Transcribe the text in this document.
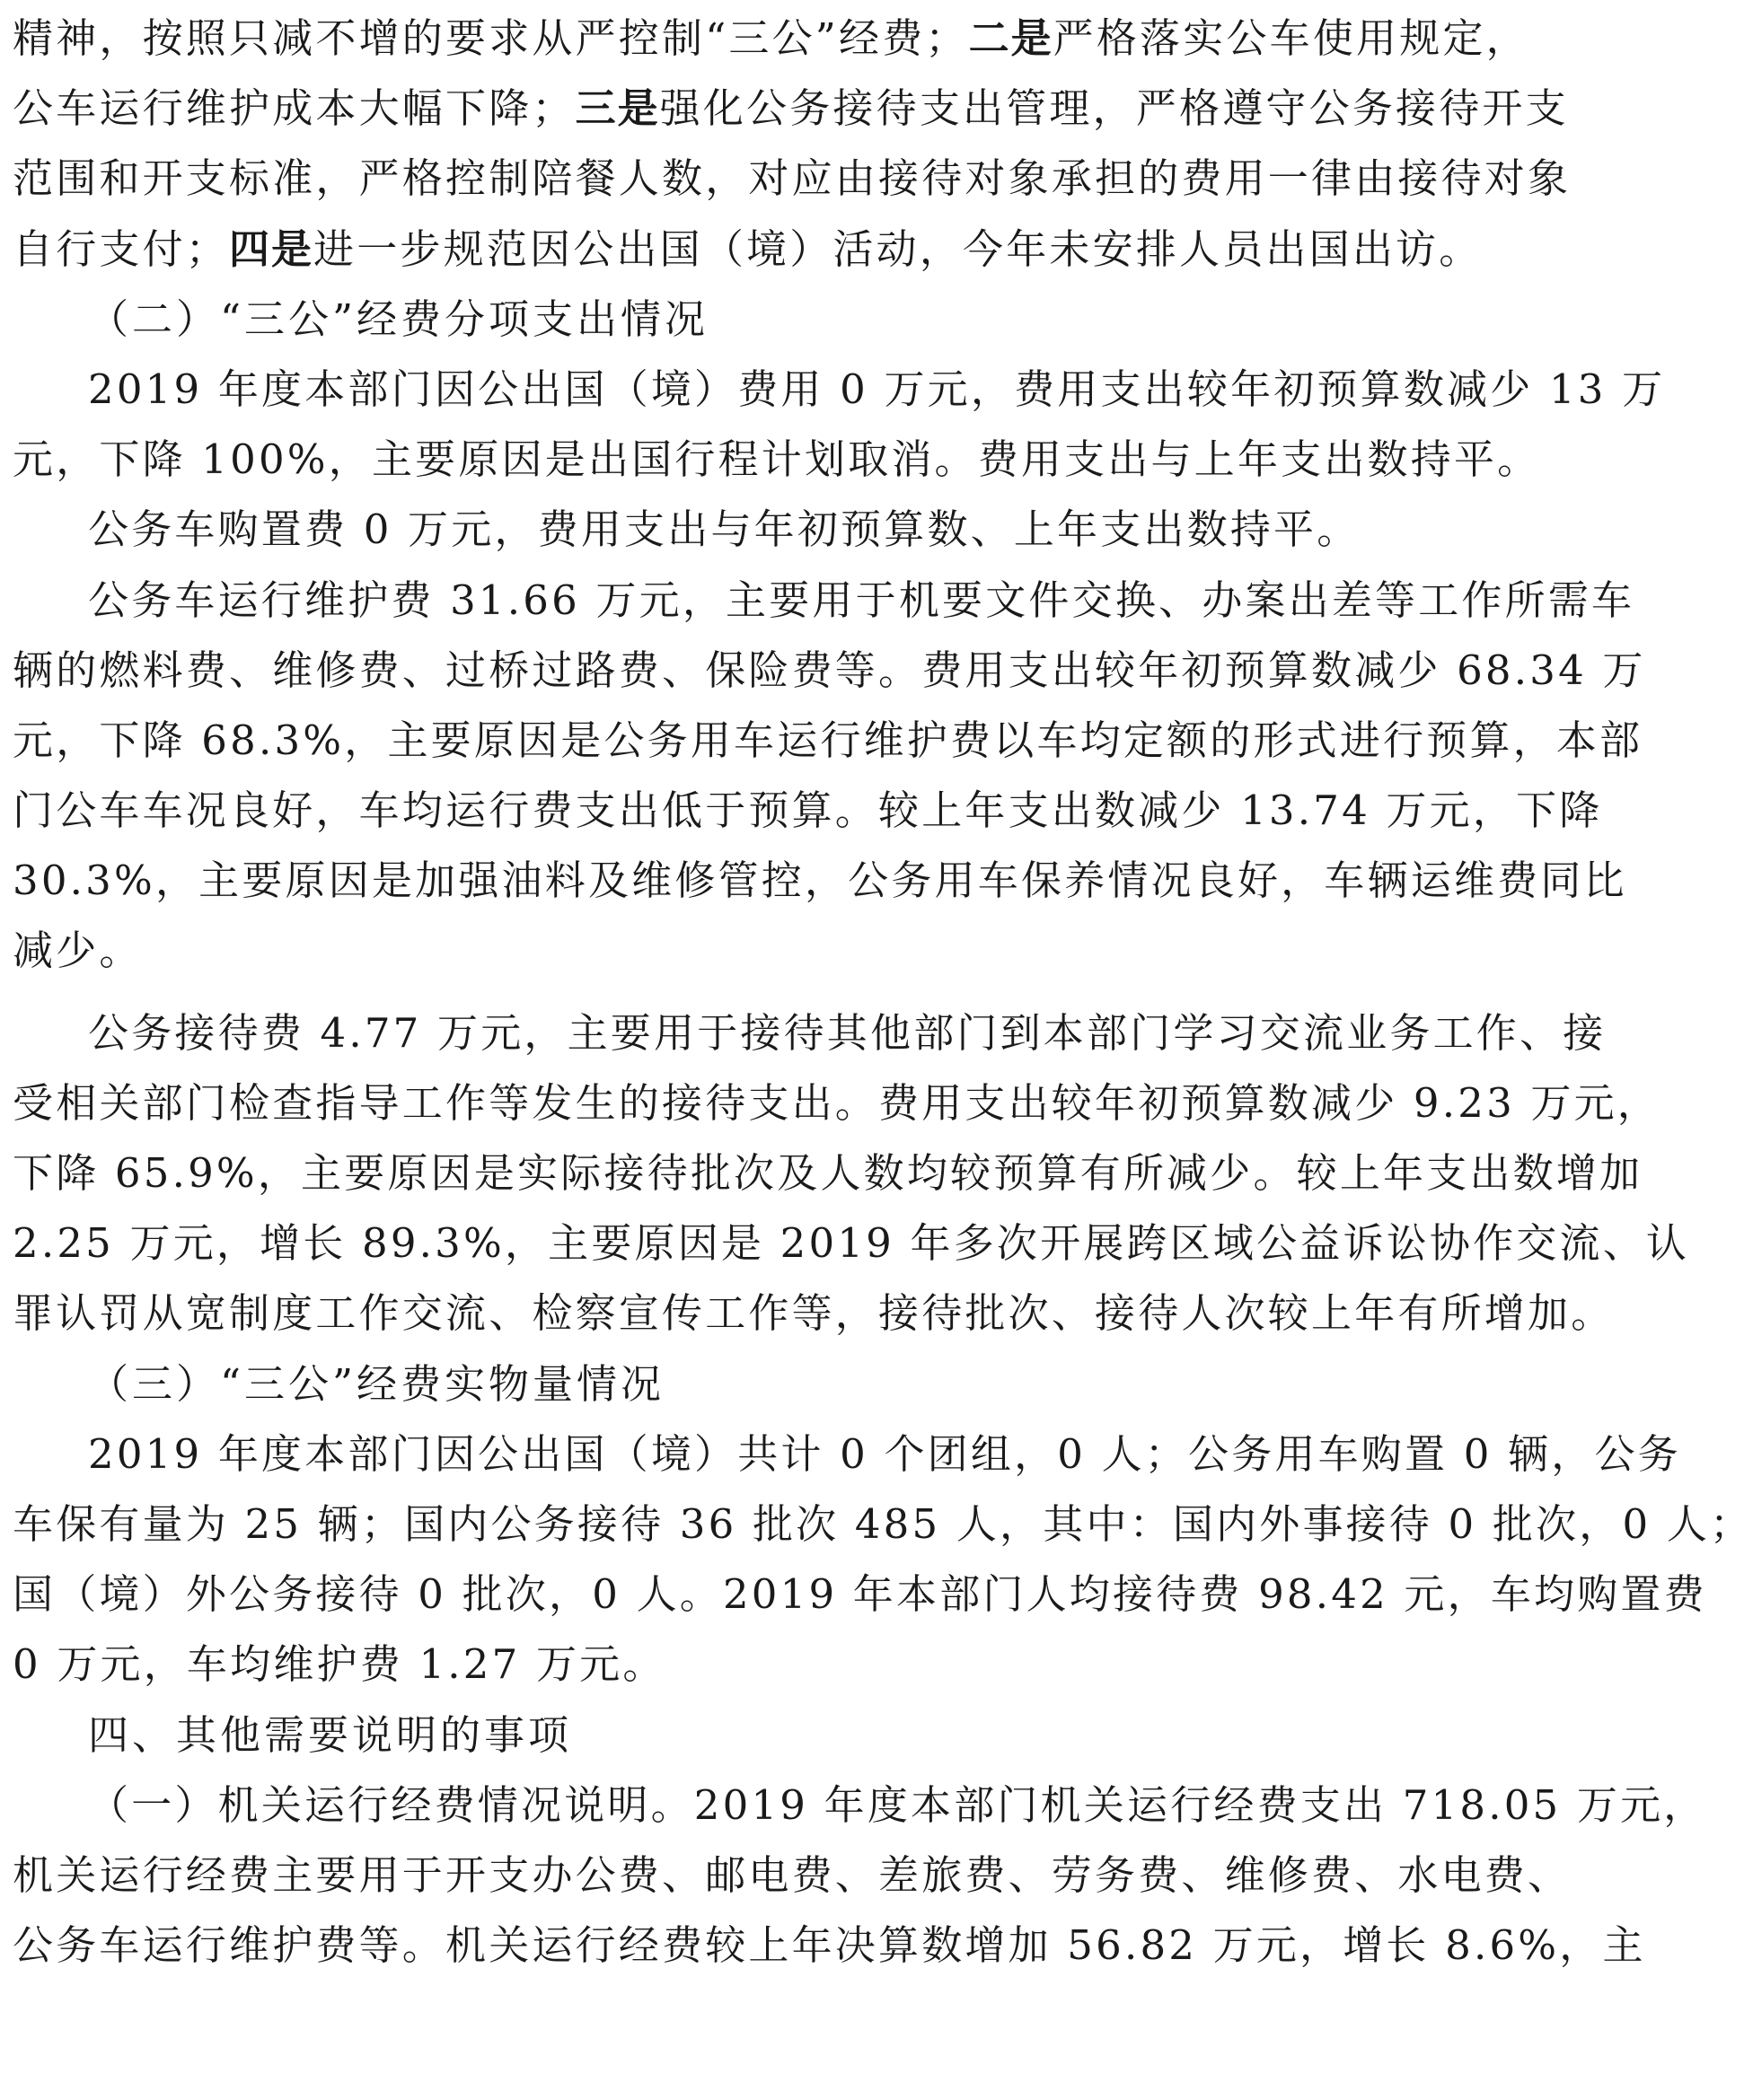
精神，按照只减不增的要求从严控制“三公”经费；二是严格落实公车使用规定，
公车运行维护成本大幅下降；三是强化公务接待支出管理，严格遵守公务接待开支
范围和开支标准，严格控制陪餐人数，对应由接待对象承担的费用一律由接待对象
自行支付；四是进一步规范因公出国（境）活动，今年未安排人员出国出访。
（二）“三公”经费分项支出情况
2019 年度本部门因公出国（境）费用 0 万元，费用支出较年初预算数减少 13 万
元，下降 100%，主要原因是出国行程计划取消。费用支出与上年支出数持平。
公务车购置费 0 万元，费用支出与年初预算数、上年支出数持平。
公务车运行维护费 31.66 万元，主要用于机要文件交换、办案出差等工作所需车
辆的燃料费、维修费、过桥过路费、保险费等。费用支出较年初预算数减少 68.34 万
元，下降 68.3%，主要原因是公务用车运行维护费以车均定额的形式进行预算，本部
门公车车况良好，车均运行费支出低于预算。较上年支出数减少 13.74 万元，下降
30.3%，主要原因是加强油料及维修管控，公务用车保养情况良好，车辆运维费同比
减少。
公务接待费 4.77 万元，主要用于接待其他部门到本部门学习交流业务工作、接
受相关部门检查指导工作等发生的接待支出。费用支出较年初预算数减少 9.23 万元，
下降 65.9%，主要原因是实际接待批次及人数均较预算有所减少。较上年支出数增加
2.25 万元，增长 89.3%，主要原因是 2019 年多次开展跨区域公益诉讼协作交流、认
罪认罚从宽制度工作交流、检察宣传工作等，接待批次、接待人次较上年有所增加。
（三）“三公”经费实物量情况
2019 年度本部门因公出国（境）共计 0 个团组，0 人；公务用车购置 0 辆，公务
车保有量为 25 辆；国内公务接待 36 批次 485 人，其中：国内外事接待 0 批次，0 人；
国（境）外公务接待 0 批次，0 人。2019 年本部门人均接待费 98.42 元，车均购置费
0 万元，车均维护费 1.27 万元。
四、其他需要说明的事项
（一）机关运行经费情况说明。2019 年度本部门机关运行经费支出 718.05 万元，
机关运行经费主要用于开支办公费、邮电费、差旅费、劳务费、维修费、水电费、
公务车运行维护费等。机关运行经费较上年决算数增加 56.82 万元，增长 8.6%，主
